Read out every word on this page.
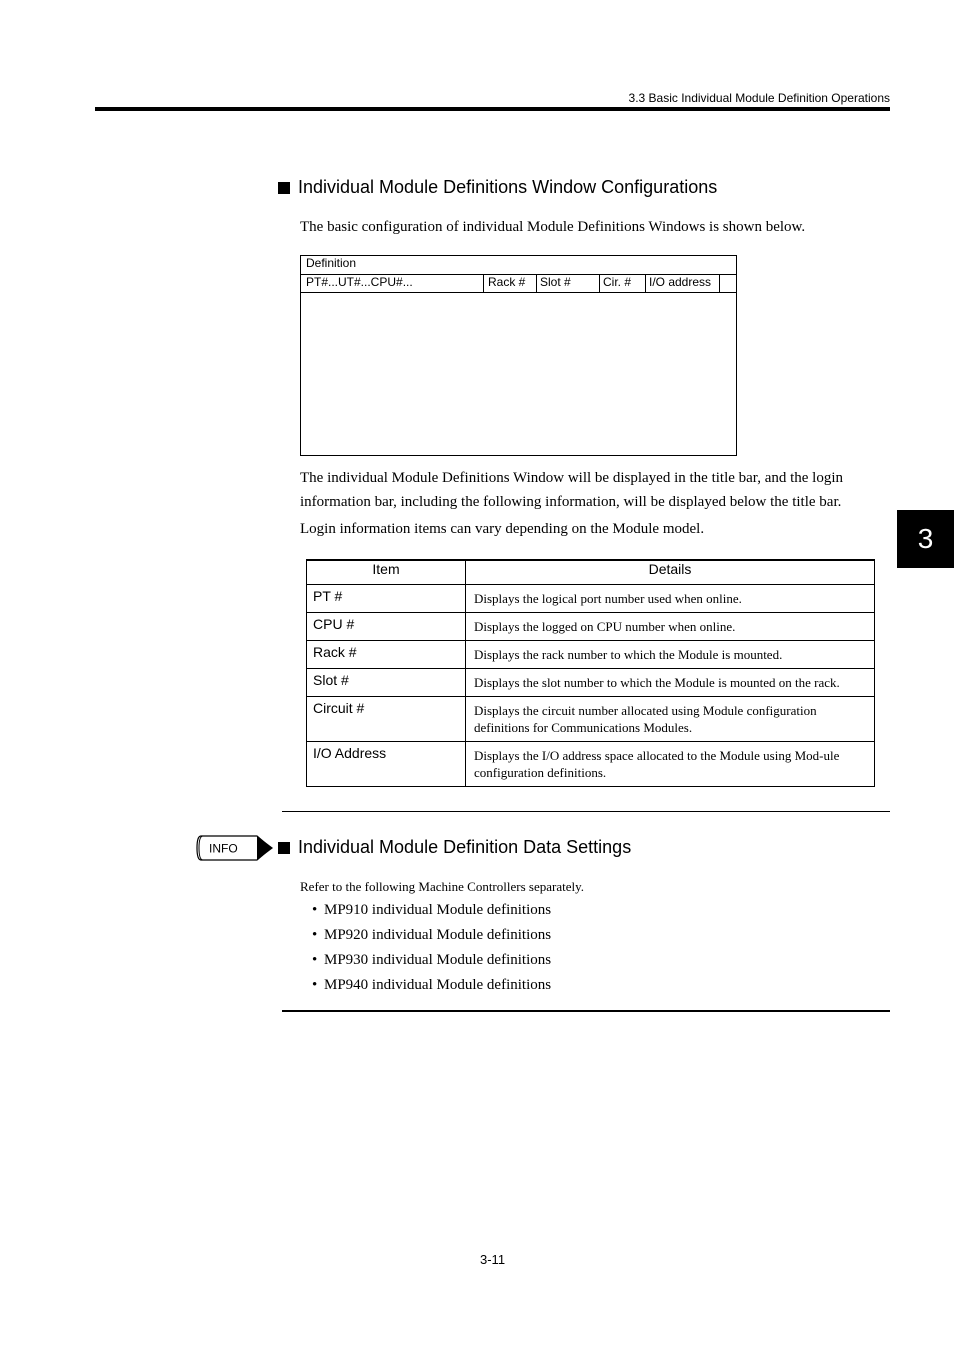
3.3 Basic Individual Module Definition Operations
3
Individual Module Definitions Window Configurations
The basic configuration of individual Module Definitions Windows is shown below.
Definition
PT#...UT#...CPU#...	Rack #	Slot #	Cir. #	I/O address
The individual Module Definitions Window will be displayed in the title bar, and the login information bar, including the following information, will be displayed below the title bar.
Login information items can vary depending on the Module model.
Item	Details
PT #	Displays the logical port number used when online.
CPU #	Displays the logged on CPU number when online.
Rack #	Displays the rack number to which the Module is mounted.
Slot #	Displays the slot number to which the Module is mounted on the rack.
Circuit #	Displays the circuit number allocated using Module configuration definitions for Communications Modules.
I/O Address	Displays the I/O address space allocated to the Module using Mod-ule configuration definitions.
INFO	Individual Module Definition Data Settings
Refer to the following Machine Controllers separately.
• MP910 individual Module definitions
• MP920 individual Module definitions
• MP930 individual Module definitions
• MP940 individual Module definitions
3-11
